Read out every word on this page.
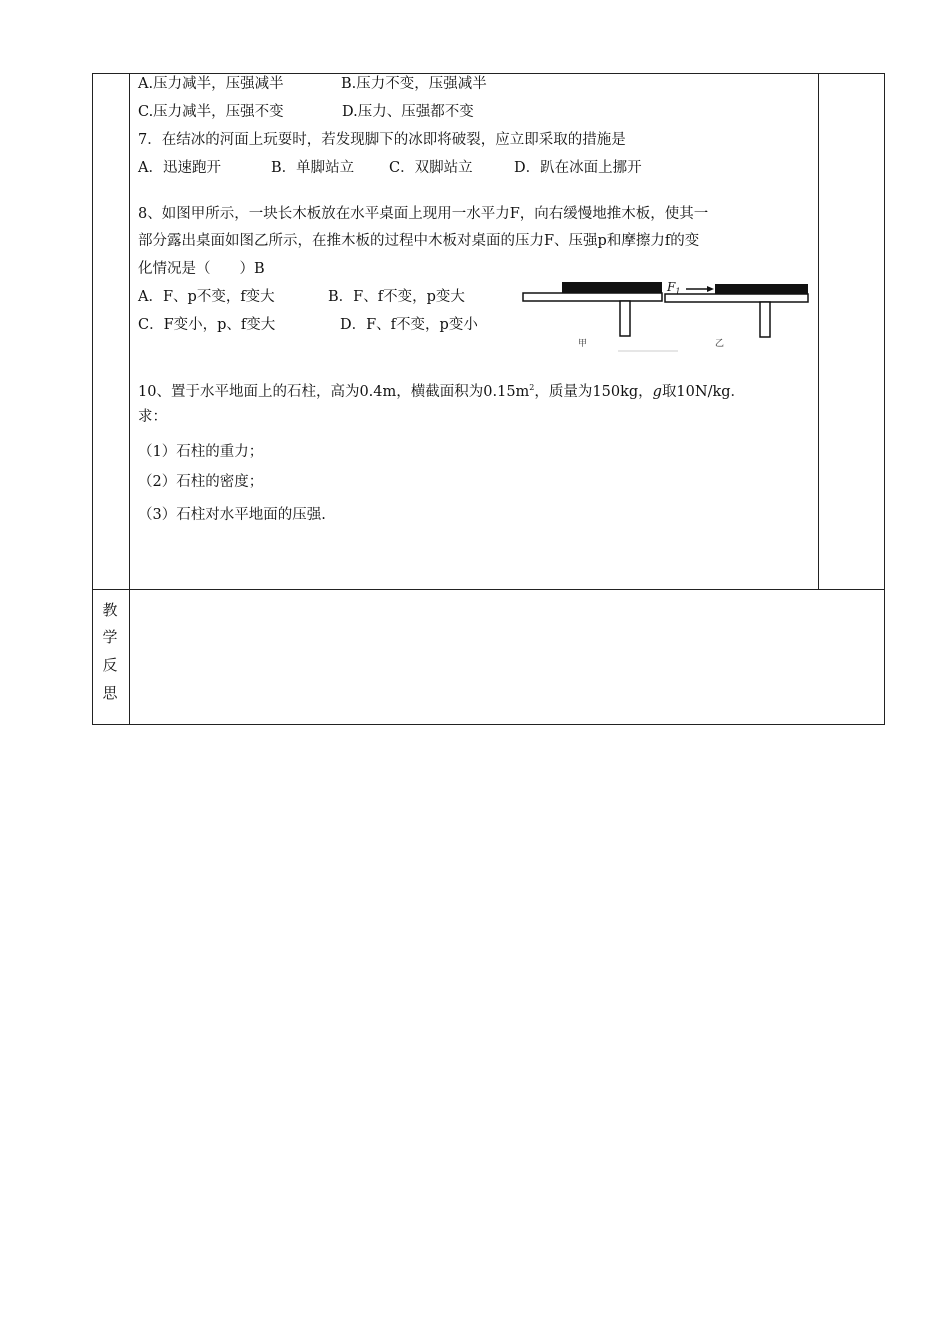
A.压力减半，压强减半	B.压力不变，压强减半
C.压力减半，压强不变	D.压力、压强都不变
7．在结冰的河面上玩耍时，若发现脚下的冰即将破裂，应立即采取的措施是
A．迅速跑开	B．单脚站立 C．双脚站立	D．趴在冰面上挪开
8、如图甲所示，一块长木板放在水平桌面上现用一水平力F，向右缓慢地推木板，使其一
部分露出桌面如图乙所示，在推木板的过程中木板对桌面的压力F、压强p和摩擦力f的变
化情况是（　　）B
A．F、p不变，f变大	B．F、f不变，p变大
C．F变小，p、f变大	D．F、f不变，p变小
甲
$F_1$
乙
10、置于水平地面上的石柱，高为0.4m，横截面积为$0.15m^2$，质量为150kg，g取10N/kg．
求：
（1）石柱的重力；
（2）石柱的密度；
（3）石柱对水平地面的压强.
教
学
反
思
